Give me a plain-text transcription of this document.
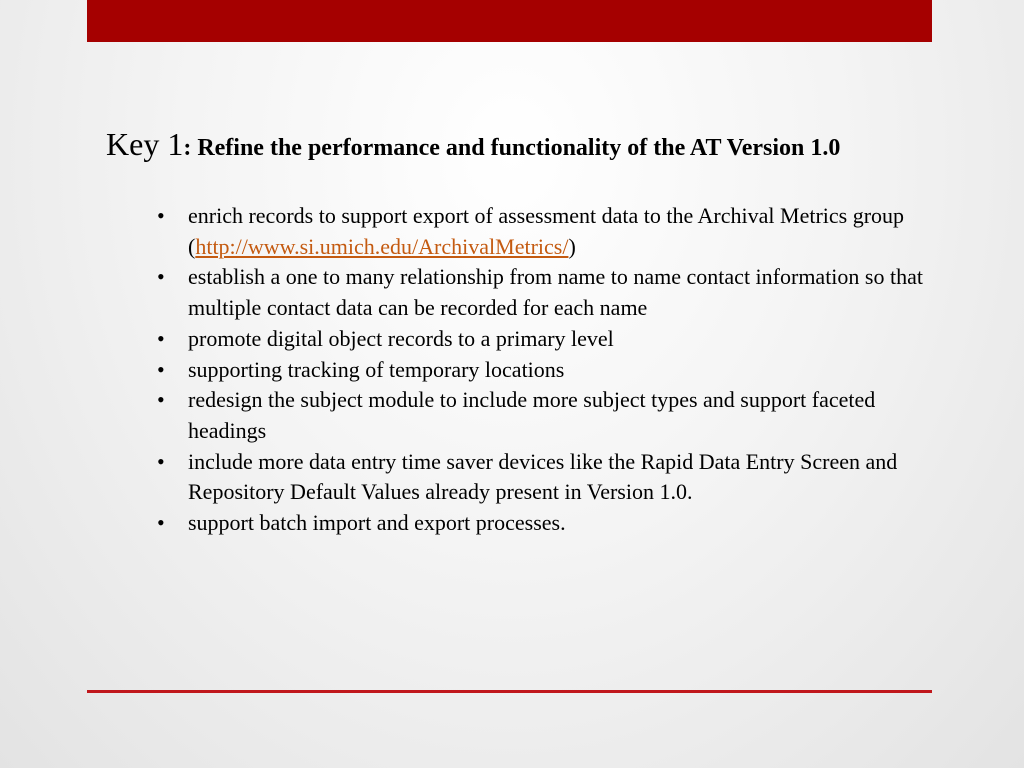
Key 1: Refine the performance and functionality of the AT Version 1.0
• enrich records to support export of assessment data to the Archival Metrics group (http://www.si.umich.edu/ArchivalMetrics/)
• establish a one to many relationship from name to name contact information so that multiple contact data can be recorded for each name
• promote digital object records to a primary level
• supporting tracking of temporary locations
• redesign the subject module to include more subject types and support faceted headings
• include more data entry time saver devices like the Rapid Data Entry Screen and Repository Default Values already present in Version 1.0.
• support batch import and export processes.
